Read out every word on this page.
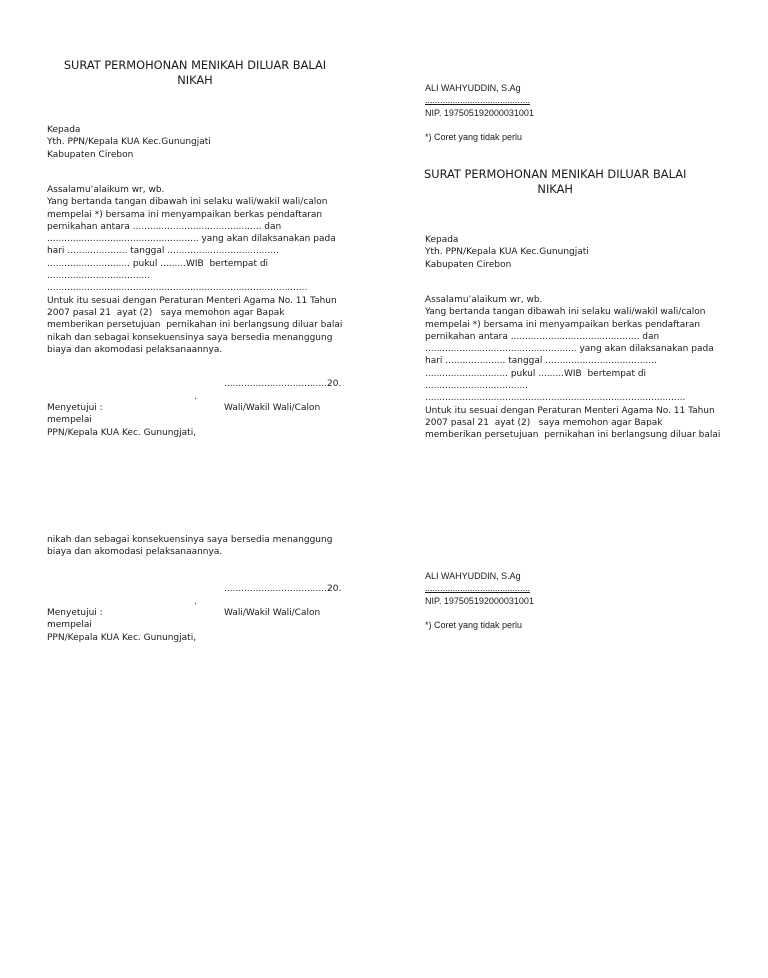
SURAT PERMOHONAN MENIKAH DILUAR BALAI
NIKAH
Kepada
Yth. PPN/Kepala KUA Kec.Gunungjati
Kabupaten Cirebon
Assalamu’alaikum wr, wb.
Yang bertanda tangan dibawah ini selaku wali/wakil wali/calon
mempelai *) bersama ini menyampaikan berkas pendaftaran
pernikahan antara ............................................. dan
..................................................... yang akan dilaksanakan pada
hari ..................... tanggal .......................................
............................. pukul .........WIB  bertempat di
....................................
...........................................................................................
Untuk itu sesuai dengan Peraturan Menteri Agama No. 11 Tahun
2007 pasal 21  ayat (2)   saya memohon agar Bapak
memberikan persetujuan  pernikahan ini berlangsung diluar balai
nikah dan sebagai konsekuensinya saya bersedia menanggung
biaya dan akomodasi pelaksanaannya.
....................................20.
.
Menyetujui :
mempelai
PPN/Kepala KUA Kec. Gunungjati,
Wali/Wakil Wali/Calon
nikah dan sebagai konsekuensinya saya bersedia menanggung
biaya dan akomodasi pelaksanaannya.
....................................20.
.
Menyetujui :
mempelai
PPN/Kepala KUA Kec. Gunungjati,
Wali/Wakil Wali/Calon
ALI WAHYUDDIN, S.Ag
..........................................
NIP. 197505192000031001

*) Coret yang tidak perlu
SURAT PERMOHONAN MENIKAH DILUAR BALAI
NIKAH
Kepada
Yth. PPN/Kepala KUA Kec.Gunungjati
Kabupaten Cirebon
Assalamu’alaikum wr, wb.
Yang bertanda tangan dibawah ini selaku wali/wakil wali/calon
mempelai *) bersama ini menyampaikan berkas pendaftaran
pernikahan antara ............................................. dan
..................................................... yang akan dilaksanakan pada
hari ..................... tanggal .......................................
............................. pukul .........WIB  bertempat di
....................................
...........................................................................................
Untuk itu sesuai dengan Peraturan Menteri Agama No. 11 Tahun
2007 pasal 21  ayat (2)   saya memohon agar Bapak
memberikan persetujuan  pernikahan ini berlangsung diluar balai
ALI WAHYUDDIN, S.Ag
..........................................
NIP. 197505192000031001

*) Coret yang tidak perlu
